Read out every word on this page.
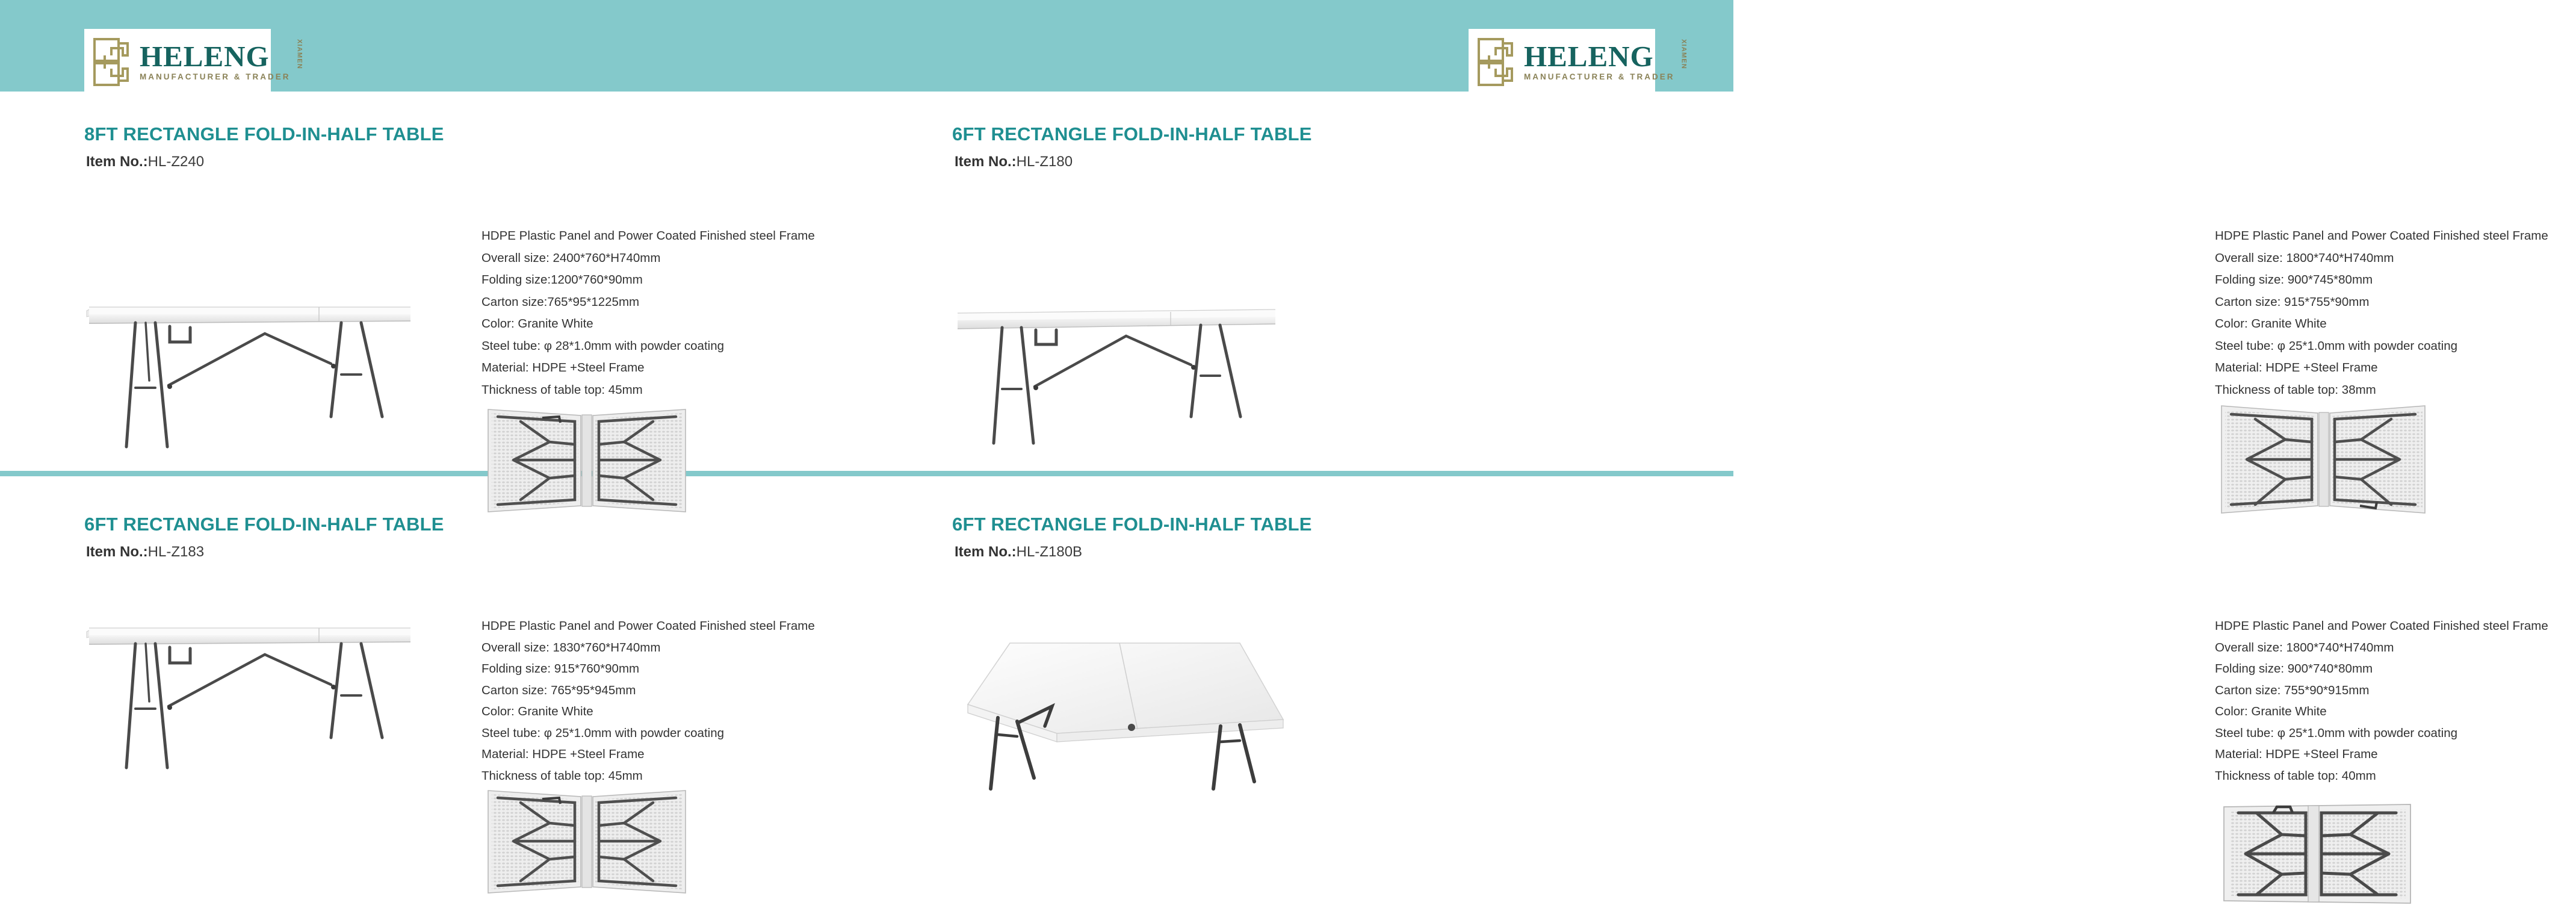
HELENG
MANUFACTURER & TRADER
XIAMEN	HELENG
MANUFACTURER & TRADER
XIAMEN
8FT RECTANGLE FOLD-IN-HALF TABLE
Item No.:HL-Z240
HDPE Plastic Panel and Power Coated Finished steel Frame
Overall size: 2400*760*H740mm
Folding size:1200*760*90mm
Carton size:765*95*1225mm
Color: Granite White
Steel tube: φ 28*1.0mm with powder coating
Material: HDPE +Steel Frame
Thickness of table top: 45mm
6FT RECTANGLE FOLD-IN-HALF TABLE
Item No.:HL-Z180
HDPE Plastic Panel and Power Coated Finished steel Frame
Overall size: 1800*740*H740mm
Folding size: 900*745*80mm
Carton size: 915*755*90mm
Color: Granite White
Steel tube: φ 25*1.0mm with powder coating
Material: HDPE +Steel Frame
Thickness of table top: 38mm
6FT RECTANGLE FOLD-IN-HALF TABLE
Item No.:HL-Z183
HDPE Plastic Panel and Power Coated Finished steel Frame
Overall size: 1830*760*H740mm
Folding size: 915*760*90mm
Carton size: 765*95*945mm
Color: Granite White
Steel tube: φ 25*1.0mm with powder coating
Material: HDPE +Steel Frame
Thickness of table top: 45mm
6FT RECTANGLE FOLD-IN-HALF TABLE
Item No.:HL-Z180B
HDPE Plastic Panel and Power Coated Finished steel Frame
Overall size: 1800*740*H740mm
Folding size: 900*740*80mm
Carton size: 755*90*915mm
Color: Granite White
Steel tube: φ 25*1.0mm with powder coating
Material: HDPE +Steel Frame
Thickness of table top: 40mm
